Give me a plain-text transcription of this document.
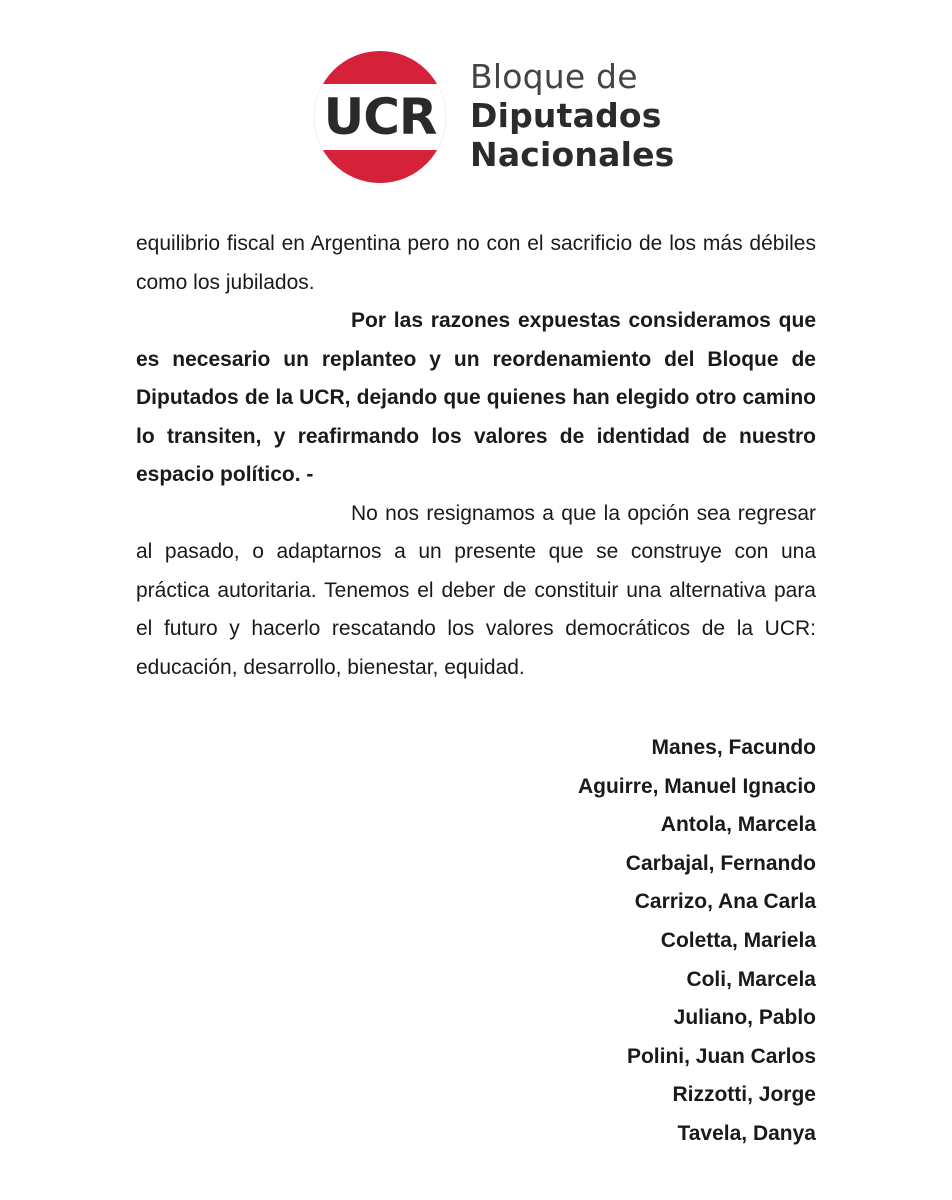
UCR
Bloque de
Diputados
Nacionales

equilibrio fiscal en Argentina pero no con el sacrificio de los más débiles como los jubilados.

Por las razones expuestas consideramos que es necesario un replanteo y un reordenamiento del Bloque de Diputados de la UCR, dejando que quienes han elegido otro camino lo transiten, y reafirmando los valores de identidad de nuestro espacio político. -

No nos resignamos a que la opción sea regresar al pasado, o adaptarnos a un presente que se construye con una práctica autoritaria. Tenemos el deber de constituir una alternativa para el futuro y hacerlo rescatando los valores democráticos de la UCR: educación, desarrollo, bienestar, equidad.

Manes, Facundo
Aguirre, Manuel Ignacio
Antola, Marcela
Carbajal, Fernando
Carrizo, Ana Carla
Coletta, Mariela
Coli, Marcela
Juliano, Pablo
Polini, Juan Carlos
Rizzotti, Jorge
Tavela, Danya
